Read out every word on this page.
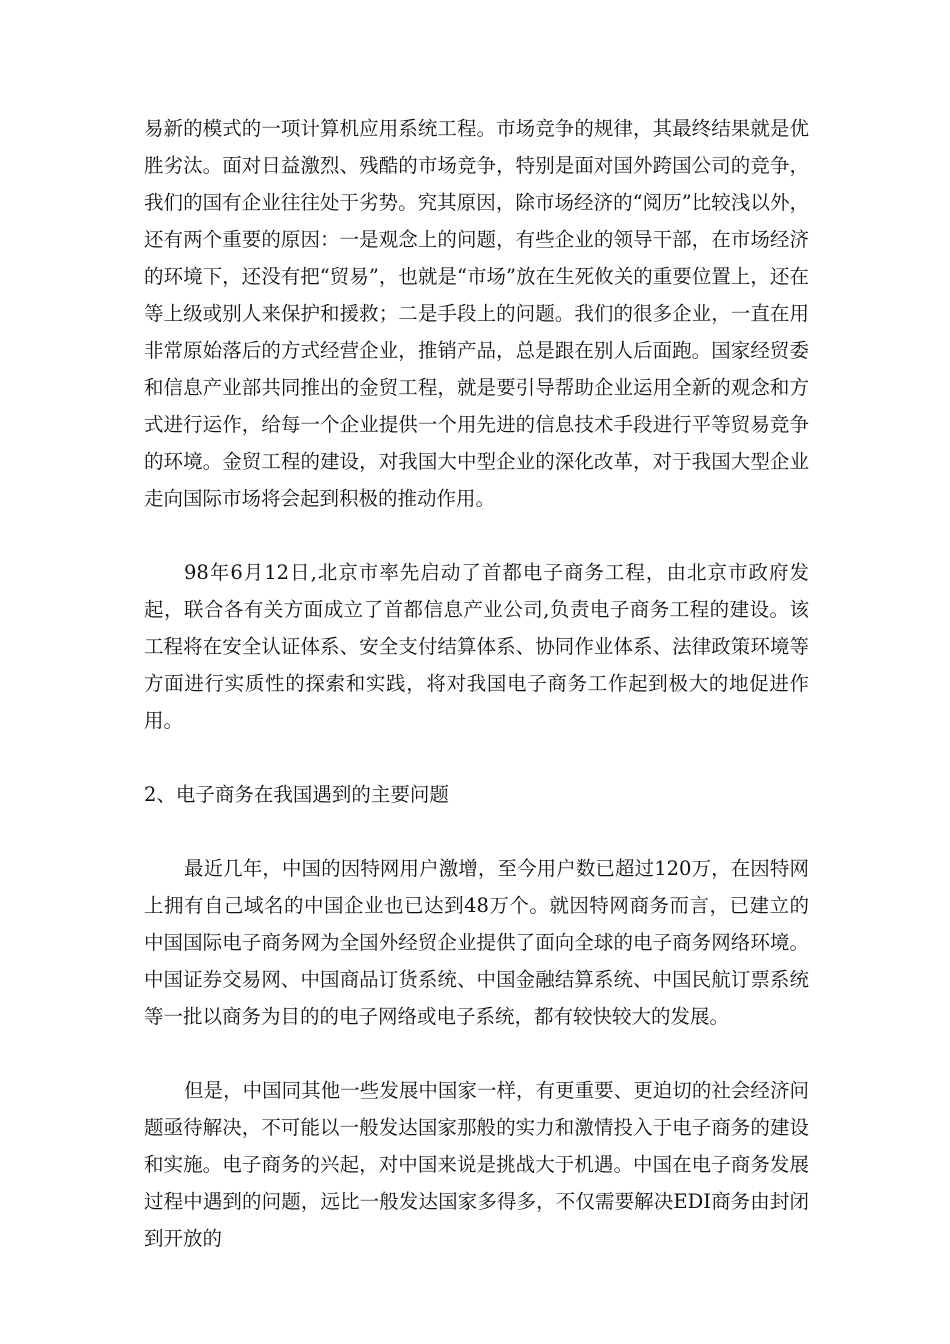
易新的模式的一项计算机应用系统工程。市场竞争的规律，其最终结果就是优胜劣汰。面对日益激烈、残酷的市场竞争，特别是面对国外跨国公司的竞争，我们的国有企业往往处于劣势。究其原因，除市场经济的“阅历”比较浅以外，还有两个重要的原因：一是观念上的问题，有些企业的领导干部，在市场经济的环境下，还没有把“贸易”，也就是“市场”放在生死攸关的重要位置上，还在等上级或别人来保护和援救；二是手段上的问题。我们的很多企业，一直在用非常原始落后的方式经营企业，推销产品，总是跟在别人后面跑。国家经贸委和信息产业部共同推出的金贸工程，就是要引导帮助企业运用全新的观念和方式进行运作，给每一个企业提供一个用先进的信息技术手段进行平等贸易竞争的环境。金贸工程的建设，对我国大中型企业的深化改革，对于我国大型企业走向国际市场将会起到积极的推动作用。

98年6月12日,北京市率先启动了首都电子商务工程，由北京市政府发起，联合各有关方面成立了首都信息产业公司,负责电子商务工程的建设。该工程将在安全认证体系、安全支付结算体系、协同作业体系、法律政策环境等方面进行实质性的探索和实践，将对我国电子商务工作起到极大的地促进作用。

2、电子商务在我国遇到的主要问题

最近几年，中国的因特网用户激增，至今用户数已超过120万，在因特网上拥有自己域名的中国企业也已达到48万个。就因特网商务而言，已建立的中国国际电子商务网为全国外经贸企业提供了面向全球的电子商务网络环境。中国证券交易网、中国商品订货系统、中国金融结算系统、中国民航订票系统等一批以商务为目的的电子网络或电子系统，都有较快较大的发展。

但是，中国同其他一些发展中国家一样，有更重要、更迫切的社会经济问题亟待解决，不可能以一般发达国家那般的实力和激情投入于电子商务的建设和实施。电子商务的兴起，对中国来说是挑战大于机遇。中国在电子商务发展过程中遇到的问题，远比一般发达国家多得多，不仅需要解决EDI商务由封闭到开放的
